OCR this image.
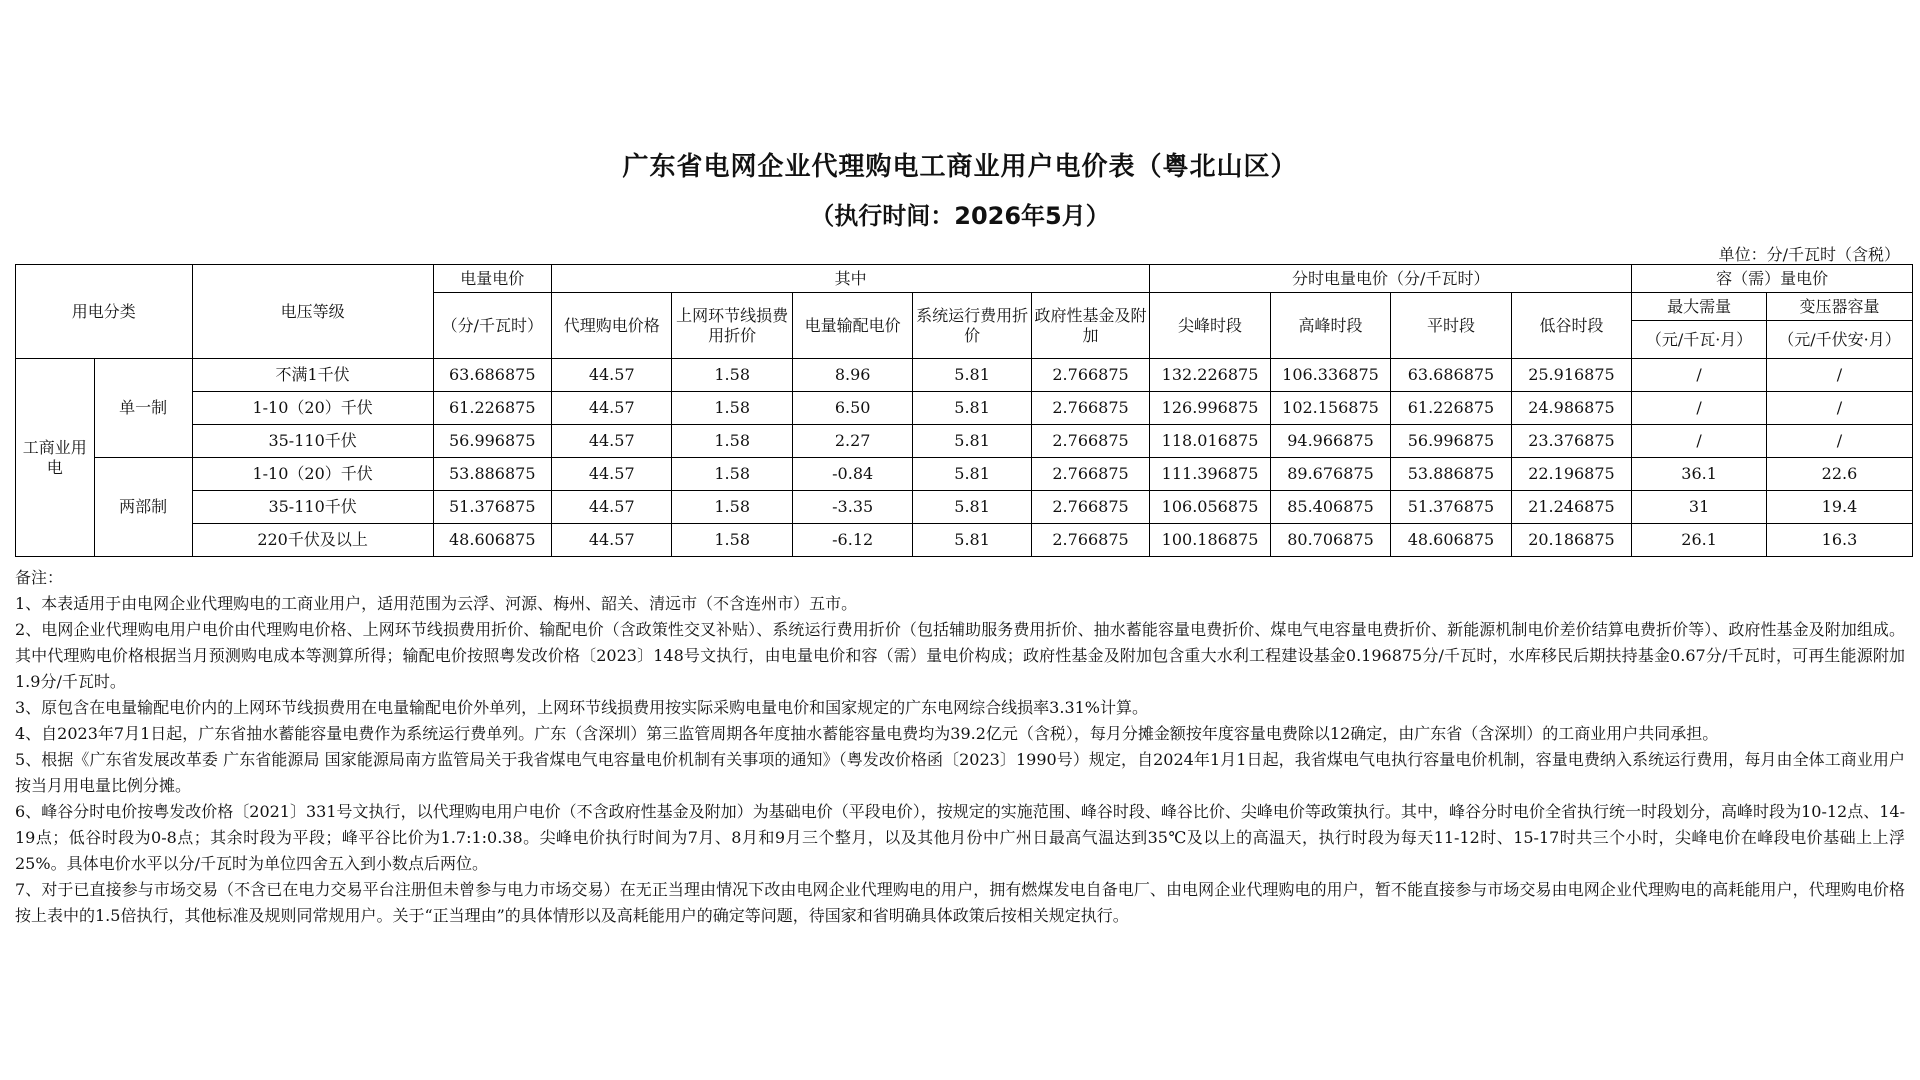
广东省电网企业代理购电工商业用户电价表（粤北山区）
（执行时间：2026年5月）
单位：分/千瓦时（含税）
用电分类		电压等级	电量电价	其中					分时电量电价（分/千瓦时）				容（需）量电价	
			（分/千瓦时）	代理购电价格	上网环节线损费用折价	电量输配电价	系统运行费用折价	政府性基金及附加	尖峰时段	高峰时段	平时段	低谷时段	最大需量	变压器容量
													（元/千瓦·月）	（元/千伏安·月）
工商业用电	单一制	不满1千伏	63.686875	44.57	1.58	8.96	5.81	2.766875	132.226875	106.336875	63.686875	25.916875	/	/
		1-10（20）千伏	61.226875	44.57	1.58	6.50	5.81	2.766875	126.996875	102.156875	61.226875	24.986875	/	/
		35-110千伏	56.996875	44.57	1.58	2.27	5.81	2.766875	118.016875	94.966875	56.996875	23.376875	/	/
	两部制	1-10（20）千伏	53.886875	44.57	1.58	-0.84	5.81	2.766875	111.396875	89.676875	53.886875	22.196875	36.1	22.6
		35-110千伏	51.376875	44.57	1.58	-3.35	5.81	2.766875	106.056875	85.406875	51.376875	21.246875	31	19.4
		220千伏及以上	48.606875	44.57	1.58	-6.12	5.81	2.766875	100.186875	80.706875	48.606875	20.186875	26.1	16.3

备注：

1、本表适用于由电网企业代理购电的工商业用户，适用范围为云浮、河源、梅州、韶关、清远市（不含连州市）五市。

2、电网企业代理购电用户电价由代理购电价格、上网环节线损费用折价、输配电价（含政策性交叉补贴）、系统运行费用折价（包括辅助服务费用折价、抽水蓄能容量电费折价、煤电气电容量电费折价、新能源机制电价差价结算电费折价等）、政府性基金及附加组成。其中代理购电价格根据当月预测购电成本等测算所得；输配电价按照粤发改价格〔2023〕148号文执行，由电量电价和容（需）量电价构成；政府性基金及附加包含重大水利工程建设基金0.196875分/千瓦时，水库移民后期扶持基金0.67分/千瓦时，可再生能源附加1.9分/千瓦时。

3、原包含在电量输配电价内的上网环节线损费用在电量输配电价外单列，上网环节线损费用按实际采购电量电价和国家规定的广东电网综合线损率3.31%计算。

4、自2023年7月1日起，广东省抽水蓄能容量电费作为系统运行费单列。广东（含深圳）第三监管周期各年度抽水蓄能容量电费均为39.2亿元（含税），每月分摊金额按年度容量电费除以12确定，由广东省（含深圳）的工商业用户共同承担。

5、根据《广东省发展改革委 广东省能源局 国家能源局南方监管局关于我省煤电气电容量电价机制有关事项的通知》（粤发改价格函〔2023〕1990号）规定，自2024年1月1日起，我省煤电气电执行容量电价机制，容量电费纳入系统运行费用，每月由全体工商业用户按当月用电量比例分摊。

6、峰谷分时电价按粤发改价格〔2021〕331号文执行，以代理购电用户电价（不含政府性基金及附加）为基础电价（平段电价），按规定的实施范围、峰谷时段、峰谷比价、尖峰电价等政策执行。其中，峰谷分时电价全省执行统一时段划分，高峰时段为10-12点、14-19点；低谷时段为0-8点；其余时段为平段；峰平谷比价为1.7:1:0.38。尖峰电价执行时间为7月、8月和9月三个整月，以及其他月份中广州日最高气温达到35℃及以上的高温天，执行时段为每天11-12时、15-17时共三个小时，尖峰电价在峰段电价基础上上浮25%。具体电价水平以分/千瓦时为单位四舍五入到小数点后两位。

7、对于已直接参与市场交易（不含已在电力交易平台注册但未曾参与电力市场交易）在无正当理由情况下改由电网企业代理购电的用户，拥有燃煤发电自备电厂、由电网企业代理购电的用户，暂不能直接参与市场交易由电网企业代理购电的高耗能用户，代理购电价格按上表中的1.5倍执行，其他标准及规则同常规用户。关于“正当理由”的具体情形以及高耗能用户的确定等问题，待国家和省明确具体政策后按相关规定执行。
